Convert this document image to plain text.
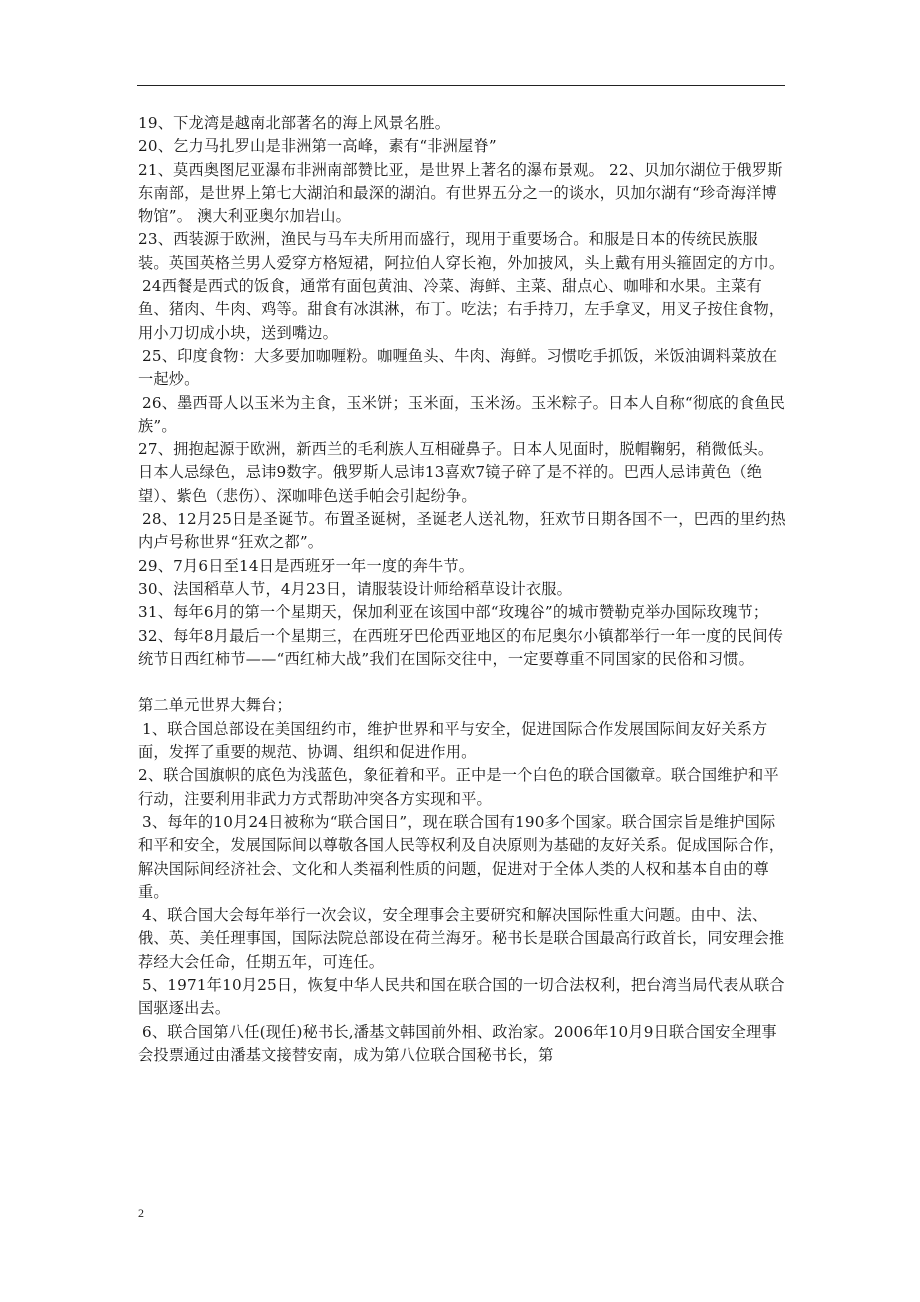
19、下龙湾是越南北部著名的海上风景名胜。

20、乞力马扎罗山是非洲第一高峰，素有“非洲屋脊”

21、莫西奥图尼亚瀑布非洲南部赞比亚，是世界上著名的瀑布景观。 22、贝加尔湖位于俄罗斯东南部，是世界上第七大湖泊和最深的湖泊。有世界五分之一的谈水，贝加尔湖有“珍奇海洋博物馆”。 澳大利亚奥尔加岩山。

23、西装源于欧洲，渔民与马车夫所用而盛行，现用于重要场合。和服是日本的传统民族服装。英国英格兰男人爱穿方格短裙，阿拉伯人穿长袍，外加披风，头上戴有用头箍固定的方巾。

24西餐是西式的饭食，通常有面包黄油、冷菜、海鲜、主菜、甜点心、咖啡和水果。主菜有鱼、猪肉、牛肉、鸡等。甜食有冰淇淋，布丁。吃法；右手持刀，左手拿叉，用叉子按住食物，用小刀切成小块，送到嘴边。

25、印度食物：大多要加咖喱粉。咖喱鱼头、牛肉、海鲜。习惯吃手抓饭，米饭油调料菜放在一起炒。

26、墨西哥人以玉米为主食，玉米饼；玉米面，玉米汤。玉米粽子。日本人自称“彻底的食鱼民族”。

27、拥抱起源于欧洲，新西兰的毛利族人互相碰鼻子。日本人见面时，脱帽鞠躬，稍微低头。日本人忌绿色，忌讳9数字。俄罗斯人忌讳13喜欢7镜子碎了是不祥的。巴西人忌讳黄色（绝望）、紫色（悲伤）、深咖啡色送手帕会引起纷争。

28、12月25日是圣诞节。布置圣诞树，圣诞老人送礼物，狂欢节日期各国不一，巴西的里约热内卢号称世界“狂欢之都”。

29、7月6日至14日是西班牙一年一度的奔牛节。

30、法国稻草人节，4月23日，请服装设计师给稻草设计衣服。

31、每年6月的第一个星期天，保加利亚在该国中部“玫瑰谷”的城市赞勒克举办国际玫瑰节；

32、每年8月最后一个星期三，在西班牙巴伦西亚地区的布尼奥尔小镇都举行一年一度的民间传统节日西红柿节——“西红柿大战”我们在国际交往中，一定要尊重不同国家的民俗和习惯。

第二单元世界大舞台；

1、联合国总部设在美国纽约市，维护世界和平与安全，促进国际合作发展国际间友好关系方面，发挥了重要的规范、协调、组织和促进作用。

2、联合国旗帜的底色为浅蓝色，象征着和平。正中是一个白色的联合国徽章。联合国维护和平行动，注要利用非武力方式帮助冲突各方实现和平。

3、每年的10月24日被称为“联合国日”，现在联合国有190多个国家。联合国宗旨是维护国际和平和安全，发展国际间以尊敬各国人民等权利及自决原则为基础的友好关系。促成国际合作，解决国际间经济社会、文化和人类福利性质的问题，促进对于全体人类的人权和基本自由的尊重。

4、联合国大会每年举行一次会议，安全理事会主要研究和解决国际性重大问题。由中、法、俄、英、美任理事国，国际法院总部设在荷兰海牙。秘书长是联合国最高行政首长，同安理会推荐经大会任命，任期五年，可连任。

5、1971年10月25日，恢复中华人民共和国在联合国的一切合法权利，把台湾当局代表从联合国驱逐出去。

6、联合国第八任(现任)秘书长,潘基文韩国前外相、政治家。2006年10月9日联合国安全理事会投票通过由潘基文接替安南，成为第八位联合国秘书长，第

2
